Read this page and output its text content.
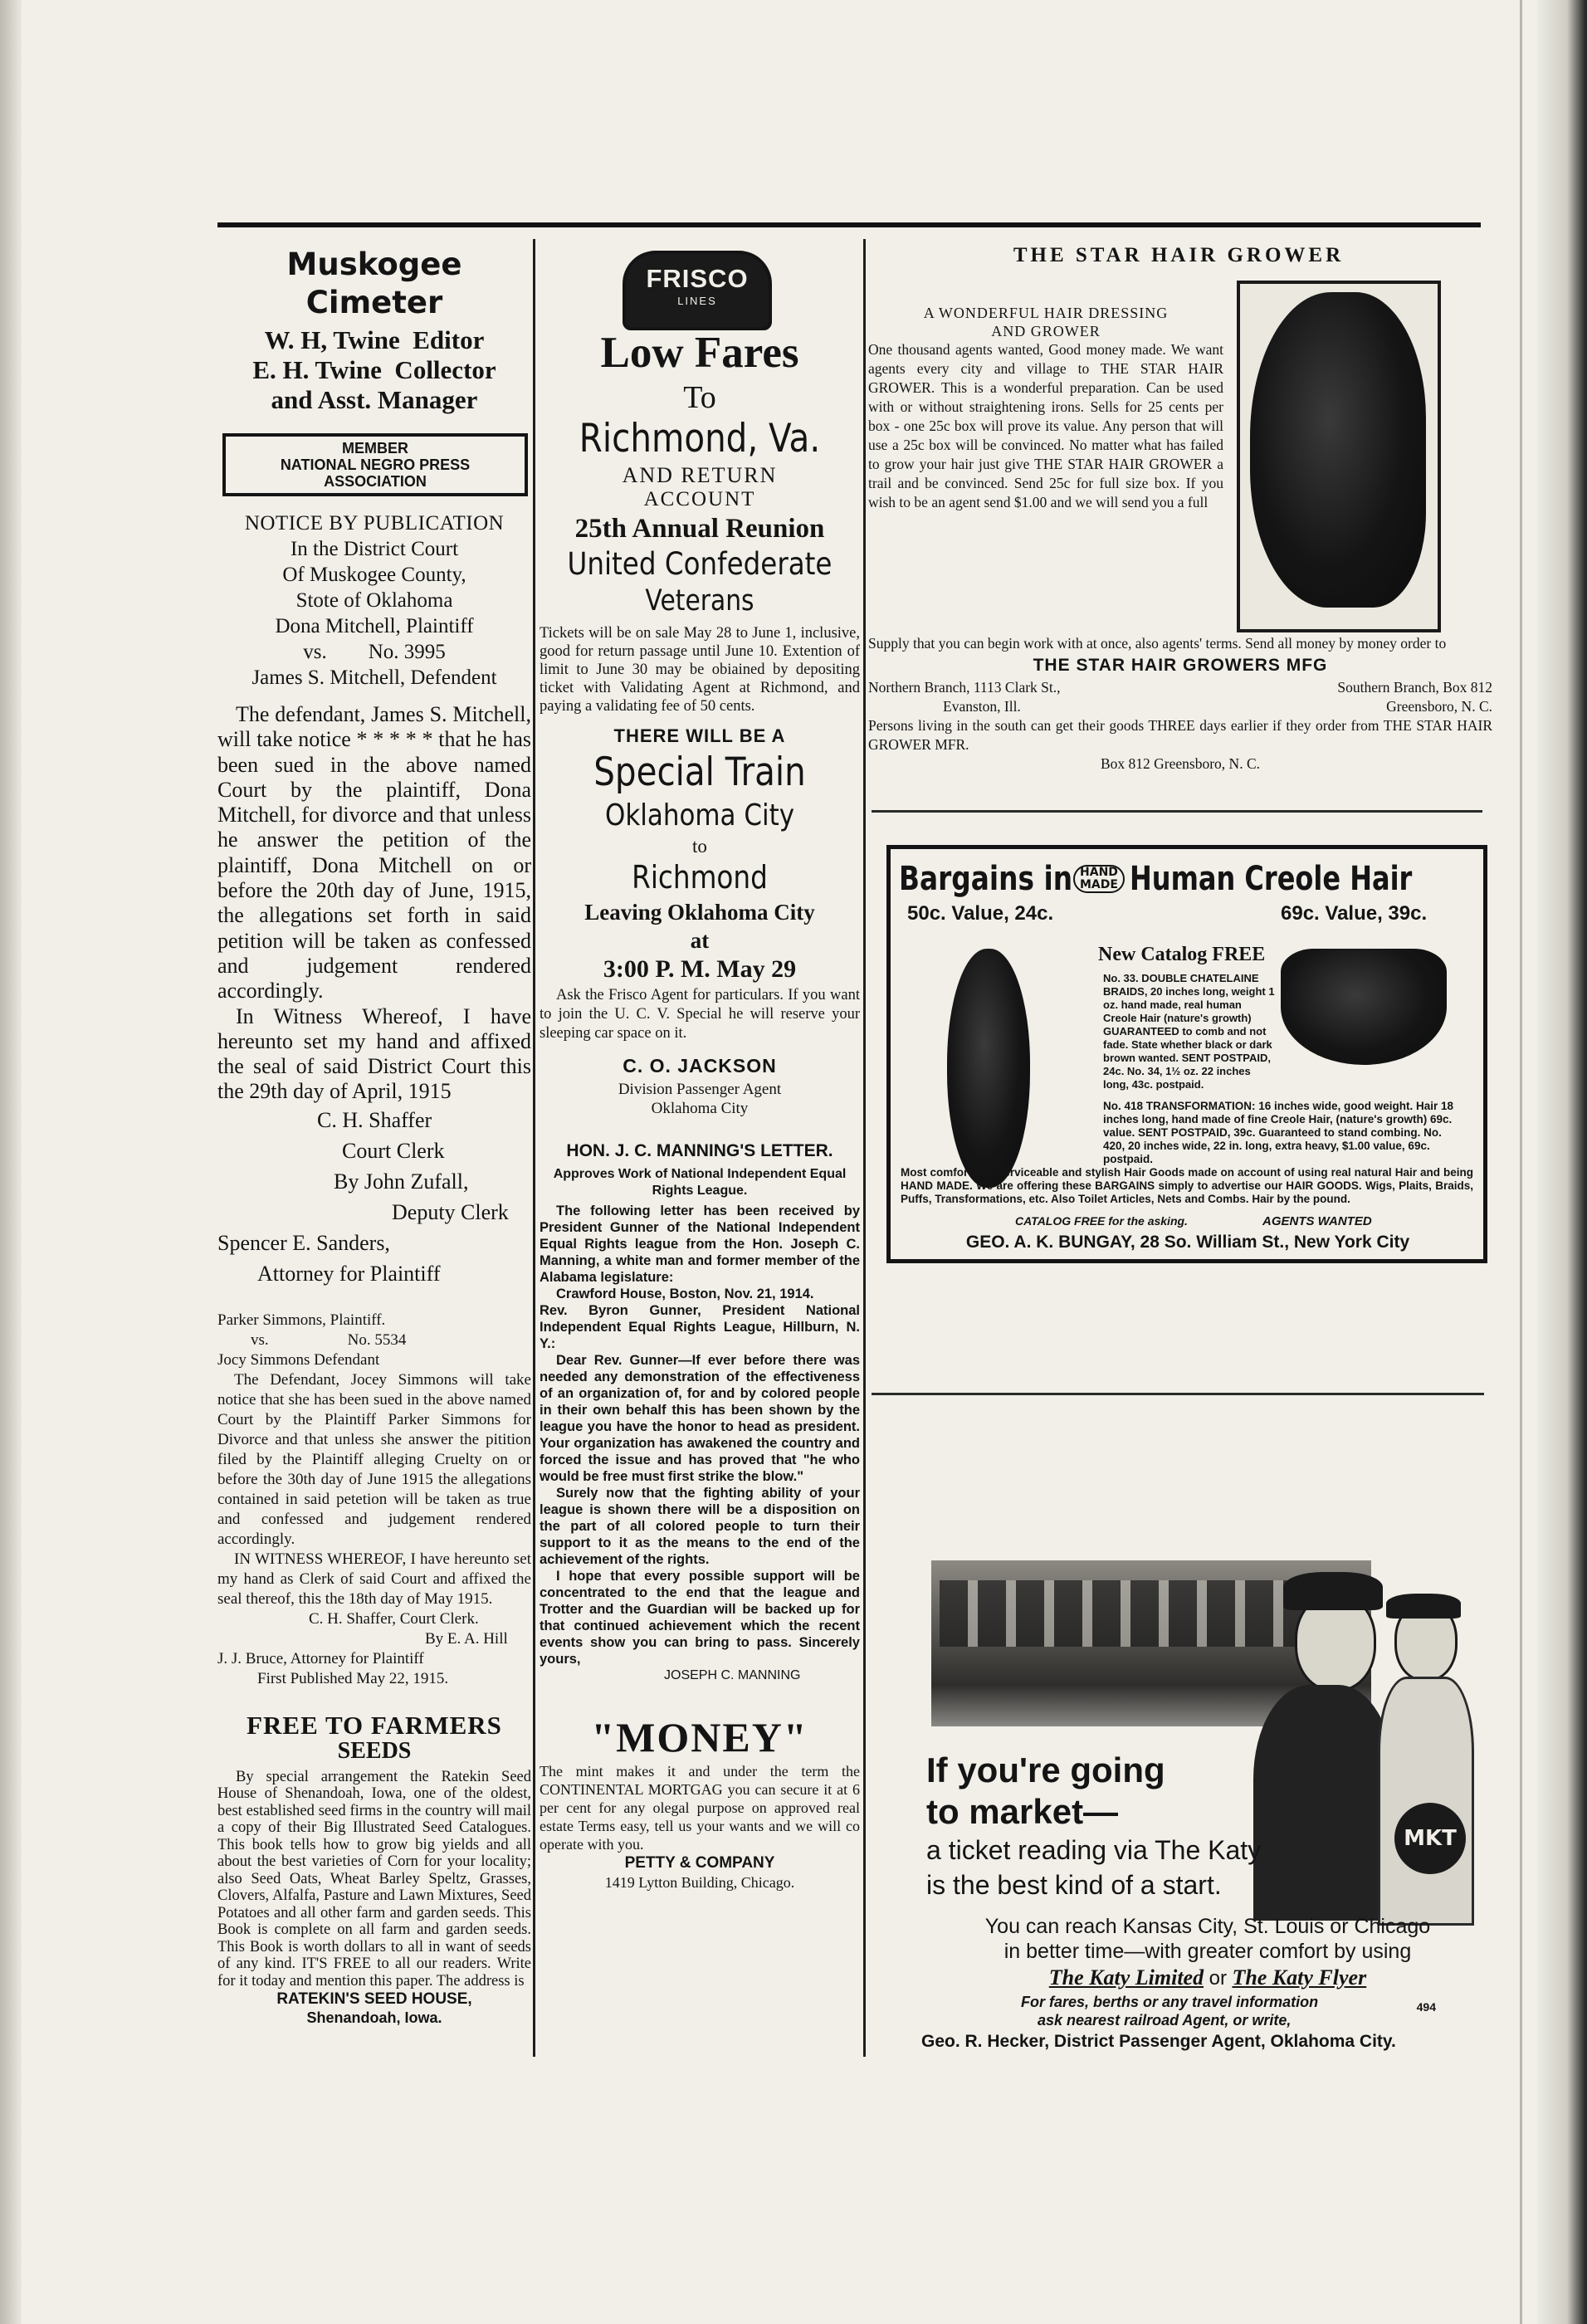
Muskogee Cimeter
W. H, Twine  Editor
E. H. Twine  Collector
and Asst. Manager
MEMBER
NATIONAL NEGRO PRESS
ASSOCIATION
NOTICE BY PUBLICATION
In the District Court
Of Muskogee County,
Stote of Oklahoma
Dona Mitchell, Plaintiff
vs.        No. 3995
James S. Mitchell, Defendent

The defendant, James S. Mitchell, will take notice * * * * * that he has been sued in the above named Court by the plaintiff, Dona Mitchell, for divorce and that unless he answer the petition of the plaintiff, Dona Mitchell on or before the 20th day of June, 1915, the allegations set forth in said petition will be taken as confessed and judgement rendered accordingly.

In Witness Whereof, I have hereunto set my hand and affixed the seal of said District Court this the 29th day of April, 1915

C. H. Shaffer
Court Clerk
By John Zufall,
Deputy Clerk
Spencer E. Sanders,
Attorney for Plaintiff
Parker Simmons, Plaintiff.
vs.                    No. 5534
Jocy Simmons Defendant

The Defendant, Jocey Simmons will take notice that she has been sued in the above named Court by the Plaintiff Parker Simmons for Divorce and that unless she answer the pitition filed by the Plaintiff alleging Cruelty on or before the 30th day of June 1915 the allegations contained in said petetion will be taken as true and confessed and judgement rendered accordingly.

IN WITNESS WHEREOF, I have hereunto set my hand as Clerk of said Court and affixed the seal thereof, this the 18th day of May 1915.

C. H. Shaffer, Court Clerk.
By E. A. Hill
J. J. Bruce, Attorney for Plaintiff
First Published May 22, 1915.
FREE TO FARMERS
SEEDS

By special arrangement the Ratekin Seed House of Shenandoah, Iowa, one of the oldest, best established seed firms in the country will mail a copy of their Big Illustrated Seed Catalogues. This book tells how to grow big yields and all about the best varieties of Corn for your locality; also Seed Oats, Wheat Barley Speltz, Grasses, Clovers, Alfalfa, Pasture and Lawn Mixtures, Seed Potatoes and all other farm and garden seeds. This Book is complete on all farm and garden seeds. This Book is worth dollars to all in want of seeds of any kind. IT'S FREE to all our readers. Write for it today and mention this paper. The address is

RATEKIN'S SEED HOUSE,
Shenandoah, Iowa.
FRISCO
LINES
Low Fares
To
Richmond, Va.
AND RETURN
ACCOUNT
25th Annual Reunion
United Confederate
Veterans

Tickets will be on sale May 28 to June 1, inclusive, good for return passage until June 10. Extention of limit to June 30 may be obiained by depositing ticket with Validating Agent at Richmond, and paying a validating fee of 50 cents.

THERE WILL BE A
Special Train
Oklahoma City
to
Richmond
Leaving Oklahoma City
at
3:00 P. M. May 29

Ask the Frisco Agent for particulars. If you want to join the U. C. V. Special he will reserve your sleeping car space on it.

C. O. JACKSON
Division Passenger Agent
Oklahoma City
HON. J. C. MANNING'S LETTER.
Approves Work of National Independent Equal Rights League.

The following letter has been received by President Gunner of the National Independent Equal Rights league from the Hon. Joseph C. Manning, a white man and former member of the Alabama legislature:

Crawford House, Boston, Nov. 21, 1914.

Rev. Byron Gunner, President National Independent Equal Rights League, Hillburn, N. Y.:

Dear Rev. Gunner—If ever before there was needed any demonstration of the effectiveness of an organization of, for and by colored people in their own behalf this has been shown by the league you have the honor to head as president. Your organization has awakened the country and forced the issue and has proved that "he who would be free must first strike the blow."

Surely now that the fighting ability of your league is shown there will be a disposition on the part of all colored people to turn their support to it as the means to the end of the achievement of the rights.

I hope that every possible support will be concentrated to the end that the league and Trotter and the Guardian will be backed up for that continued achievement which the recent events show you can bring to pass. Sincerely yours,

JOSEPH C. MANNING
"MONEY"

The mint makes it and under the term the CONTINENTAL MORTGAG you can secure it at 6 per cent for any olegal purpose on approved real estate Terms easy, tell us your wants and we will co operate with you.

PETTY & COMPANY
1419 Lytton Building, Chicago.
THE STAR HAIR GROWER
A WONDERFUL HAIR DRESSING
AND GROWER

One thousand agents wanted, Good money made. We want agents every city and village to THE STAR HAIR GROWER. This is a wonderful preparation. Can be used with or without straightening irons. Sells for 25 cents per box - one 25c box will prove its value. Any person that will use a 25c box will be convinced. No matter what has failed to grow your hair just give THE STAR HAIR GROWER a trail and be convinced. Send 25c for full size box. If you wish to be an agent send $1.00 and we will send you a full

Supply that you can begin work with at once, also agents' terms. Send all money by money order to

THE STAR HAIR GROWERS MFG
Northern Branch, 1113 Clark St.,
Evanston, Ill.
Southern Branch, Box 812
Greensboro, N. C.

Persons living in the south can get their goods THREE days earlier if they order from THE STAR HAIR GROWER MFR.

Box 812 Greensboro, N. C.
Bargains in HAND
MADE Human Creole Hair
50c. Value, 24c.	69c. Value, 39c.
New Catalog FREE

No. 33. DOUBLE CHATELAINE BRAIDS, 20 inches long, weight 1 oz. hand made, real human Creole Hair (nature's growth) GUARANTEED to comb and not fade. State whether black or dark brown wanted. SENT POSTPAID, 24c. No. 34, 1½ oz. 22 inches long, 43c. postpaid.

No. 418 TRANSFORMATION: 16 inches wide, good weight. Hair 18 inches long, hand made of fine Creole Hair, (nature's growth) 69c. value. SENT POSTPAID, 39c. Guaranteed to stand combing. No. 420, 20 inches wide, 22 in. long, extra heavy, $1.00 value, 69c. postpaid.

Most comfortable serviceable and stylish Hair Goods made on account of using real natural Hair and being HAND MADE. We are offering these BARGAINS simply to advertise our HAIR GOODS. Wigs, Plaits, Braids, Puffs, Transformations, etc. Also Toilet Articles, Nets and Combs. Hair by the pound.

CATALOG FREE for the asking.	AGENTS WANTED
GEO. A. K. BUNGAY, 28 So. William St., New York City
MKT
If you're going
to market—
a ticket reading via The Katy
is the best kind of a start.
You can reach Kansas City, St. Louis or Chicago
in better time—with greater comfort by using
The Katy Limited or The Katy Flyer
For fares, berths or any travel information
ask nearest railroad Agent, or write,
494
Geo. R. Hecker, District Passenger Agent, Oklahoma City.
